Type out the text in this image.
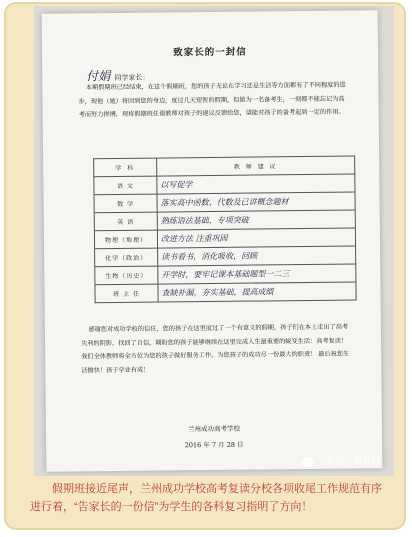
致家长的一封信
付娟 同学家长：
本期假期班已经结束，在这个假期班，您的孩子无论在学习还是生活等方面都有了不同程度的进步，现他（她）将回到您的身边，度过几天短暂的假期，但做为一名备考生，一刻都不能忘记为高考而努力拼搏，现将假期班任课教师对孩子的建议反馈给您，望能对孩子的备考起到一定的作用。
学 科	教 师 建 议
语 文	以写促学
数 学	落实高中函数、代数及已讲概念题材
英 语	熟练语法基础，专项突破
物理（地理）	改进方法 注重巩固
化学（政治）	读书看书，消化吸收，回顾
生物（历史）	开学时，要牢记课本基础题型一二三
班 主 任	查缺补漏，夯实基础，提高成绩
感谢您对成功学校的信任，您的孩子在这里度过了一个有意义的假期，孩子们在本上走出了高考失利的阴影，找回了自信，期盼您的孩子能够继续在这里完成人生最重要的蜕变生活：高考复读！我们全体教师将全方位为您的孩子做好服务工作，为您孩子的成功尽一份最大的职责！ 最后祝您生活愉快！孩子学业有成！
兰州成功高考学校
2016 年 7 月 28 日
兰州成功教育网
假期班接近尾声，兰州成功学校高考复读分校各项收尾工作规范有序进行着，“告家长的一份信”为学生的各科复习指明了方向！
